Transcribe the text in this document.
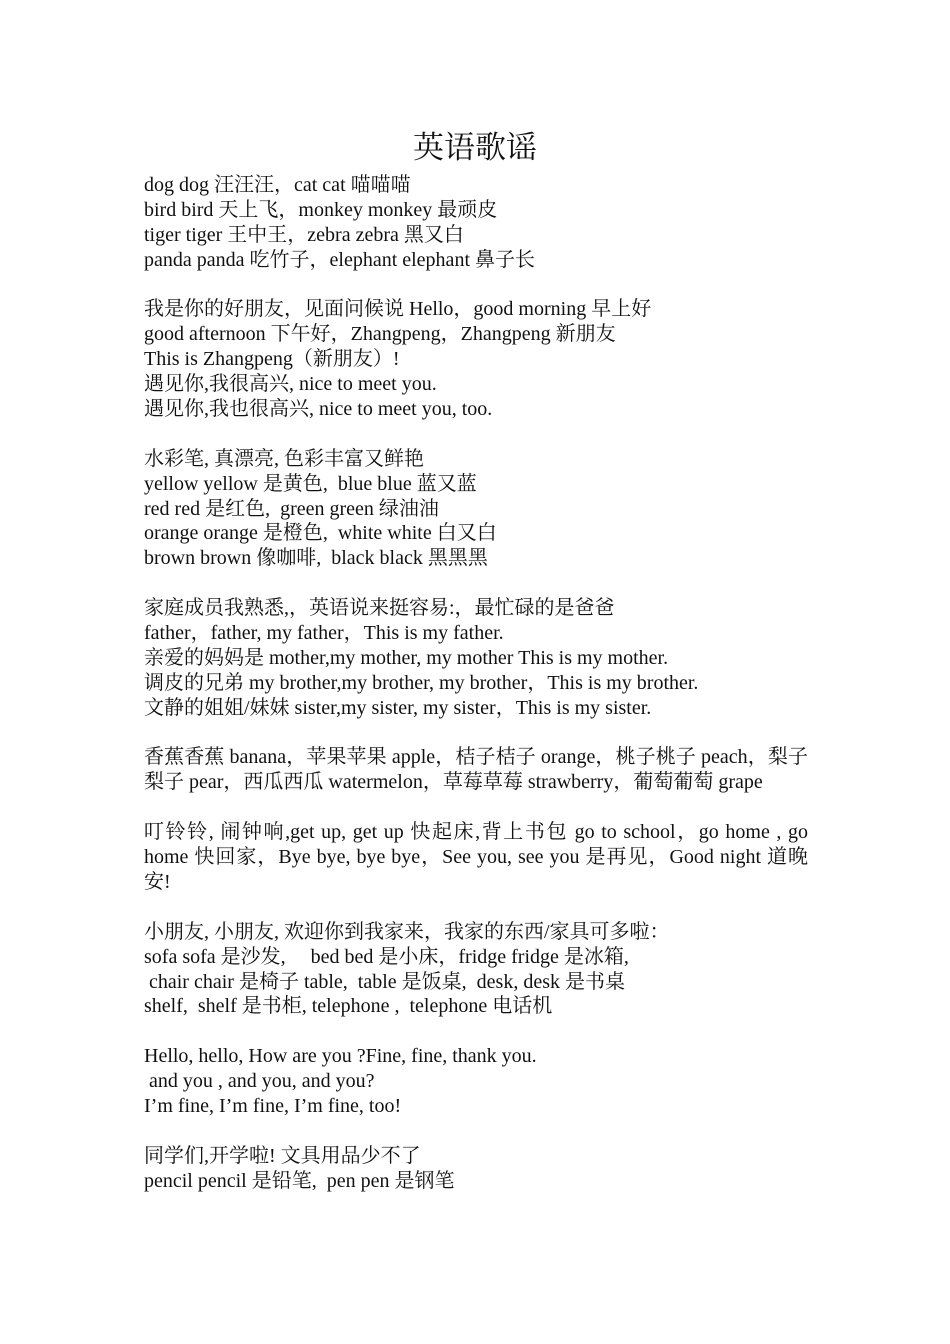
英语歌谣
dog dog 汪汪汪，cat cat 喵喵喵
bird bird 天上飞，monkey monkey 最顽皮
tiger tiger 王中王，zebra zebra 黑又白
panda panda 吃竹子，elephant elephant 鼻子长
我是你的好朋友，见面问候说 Hello，good morning 早上好
good afternoon 下午好，Zhangpeng，Zhangpeng 新朋友
This is Zhangpeng（新朋友）!
遇见你,我很高兴, nice to meet you.
遇见你,我也很高兴, nice to meet you, too.
水彩笔, 真漂亮, 色彩丰富又鲜艳
yellow yellow 是黄色,  blue blue 蓝又蓝
red red 是红色,  green green 绿油油
orange orange 是橙色,  white white 白又白
brown brown 像咖啡,  black black 黑黑黑
家庭成员我熟悉,，英语说来挺容易:，最忙碌的是爸爸
father，father, my father，This is my father.
亲爱的妈妈是 mother,my mother, my mother This is my mother.
调皮的兄弟 my brother,my brother, my brother，This is my brother.
文静的姐姐/妹妹 sister,my sister, my sister，This is my sister.
香蕉香蕉 banana，苹果苹果 apple，桔子桔子 orange，桃子桃子 peach，梨子梨子 pear，西瓜西瓜 watermelon，草莓草莓 strawberry，葡萄葡萄 grape
叮铃铃, 闹钟响,get up, get up 快起床,背上书包 go to school，go home , go home 快回家，Bye bye, bye bye，See you, see you 是再见，Good night 道晚安!
小朋友, 小朋友, 欢迎你到我家来，我家的东西/家具可多啦：
sofa sofa 是沙发,     bed bed 是小床，fridge fridge 是冰箱,
chair chair 是椅子 table,  table 是饭桌,  desk, desk 是书桌
shelf,  shelf 是书柜, telephone ,  telephone 电话机
Hello, hello, How are you ?Fine, fine, thank you.
and you , and you, and you?
I’m fine, I’m fine, I’m fine, too!
同学们,开学啦! 文具用品少不了
pencil pencil 是铅笔,  pen pen 是钢笔
